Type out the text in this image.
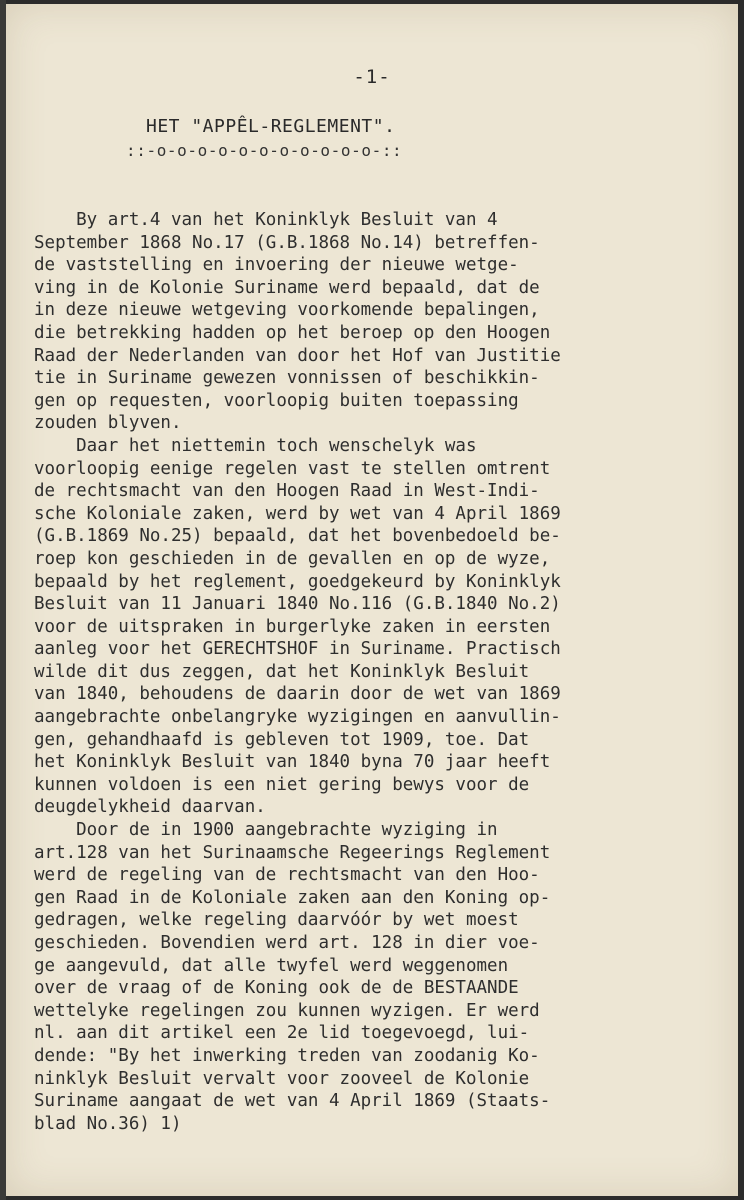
-1-
HET "APPÊL-REGLEMENT".
::-o-o-o-o-o-o-o-o-o-o-o-::
By art.4 van het Koninklyk Besluit van 4
September 1868 No.17 (G.B.1868 No.14) betreffen-
de vaststelling en invoering der nieuwe wetge-
ving in de Kolonie Suriname werd bepaald, dat de
in deze nieuwe wetgeving voorkomende bepalingen,
die betrekking hadden op het beroep op den Hoogen
Raad der Nederlanden van door het Hof van Justitie
tie in Suriname gewezen vonnissen of beschikkin-
gen op requesten, voorloopig buiten toepassing
zouden blyven.
Daar het niettemin toch wenschelyk was
voorloopig eenige regelen vast te stellen omtrent
de rechtsmacht van den Hoogen Raad in West-Indi-
sche Koloniale zaken, werd by wet van 4 April 1869
(G.B.1869 No.25) bepaald, dat het bovenbedoeld be-
roep kon geschieden in de gevallen en op de wyze,
bepaald by het reglement, goedgekeurd by Koninklyk
Besluit van 11 Januari 1840 No.116 (G.B.1840 No.2)
voor de uitspraken in burgerlyke zaken in eersten
aanleg voor het GERECHTSHOF in Suriname. Practisch
wilde dit dus zeggen, dat het Koninklyk Besluit
van 1840, behoudens de daarin door de wet van 1869
aangebrachte onbelangryke wyzigingen en aanvullin-
gen, gehandhaafd is gebleven tot 1909, toe. Dat
het Koninklyk Besluit van 1840 byna 70 jaar heeft
kunnen voldoen is een niet gering bewys voor de
deugdelykheid daarvan.
Door de in 1900 aangebrachte wyziging in
art.128 van het Surinaamsche Regeerings Reglement
werd de regeling van de rechtsmacht van den Hoo-
gen Raad in de Koloniale zaken aan den Koning op-
gedragen, welke regeling daarvóór by wet moest
geschieden. Bovendien werd art. 128 in dier voe-
ge aangevuld, dat alle twyfel werd weggenomen
over de vraag of de Koning ook de de BESTAANDE
wettelyke regelingen zou kunnen wyzigen. Er werd
nl. aan dit artikel een 2e lid toegevoegd, lui-
dende: "By het inwerking treden van zoodanig Ko-
ninklyk Besluit vervalt voor zooveel de Kolonie
Suriname aangaat de wet van 4 April 1869 (Staats-
blad No.36) 1)
